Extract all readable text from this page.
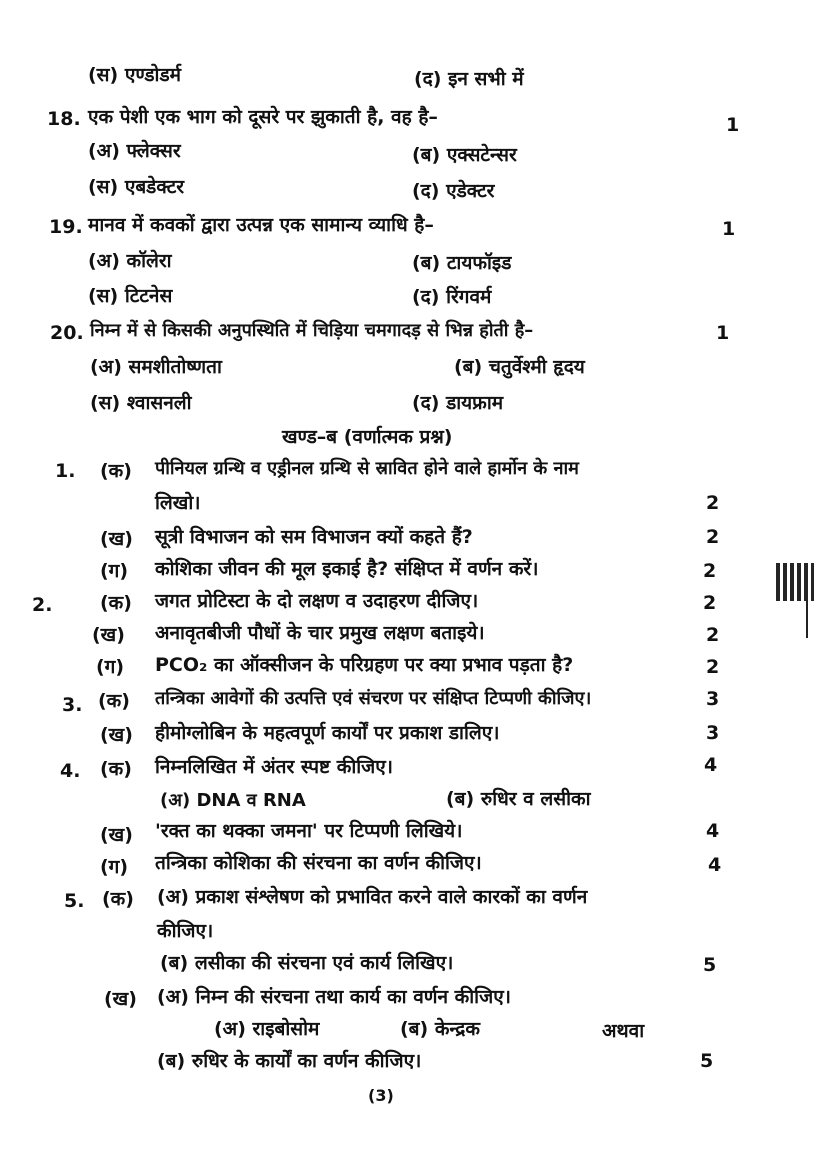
(स) एण्डोडर्म	(द) इन सभी में
18. एक पेशी एक भाग को दूसरे पर झुकाती है, वह है–	1
(अ) फ्लेक्सर	(ब) एक्सटेन्सर
(स) एबडेक्टर	(द) एडेक्टर
19. मानव में कवकों द्वारा उत्पन्न एक सामान्य व्याधि है–	1
(अ) कॉलेरा	(ब) टायफॉइड
(स) टिटनेस	(द) रिंगवर्म
20. निम्न में से किसकी अनुपस्थिति में चिड़िया चमगादड़ से भिन्न होती है–	1
(अ) समशीतोष्णता	(ब) चतुर्वेश्मी हृदय
(स) श्वासनली	(द) डायफ्राम
खण्ड–ब (वर्णात्मक प्रश्न)
1. (क) पीनियल ग्रन्थि व एड्रीनल ग्रन्थि से स्रावित होने वाले हार्मोन के नाम
लिखो।	2
(ख) सूत्री विभाजन को सम विभाजन क्यों कहते हैं?	2
(ग) कोशिका जीवन की मूल इकाई है? संक्षिप्त में वर्णन करें।	2
2.	(क) जगत प्रोटिस्टा के दो लक्षण व उदाहरण दीजिए।	2
(ख) अनावृतबीजी पौधों के चार प्रमुख लक्षण बताइये।	2
(ग) PCO₂ का ऑक्सीजन के परिग्रहण पर क्या प्रभाव पड़ता है?	2
3. (क) तन्त्रिका आवेगों की उत्पत्ति एवं संचरण पर संक्षिप्त टिप्पणी कीजिए।	3
(ख) हीमोग्लोबिन के महत्वपूर्ण कार्यों पर प्रकाश डालिए।	3
4. (क) निम्नलिखित में अंतर स्पष्ट कीजिए।	4
(अ) DNA व RNA	(ब) रुधिर व लसीका
(ख) 'रक्त का थक्का जमना' पर टिप्पणी लिखिये।	4
(ग) तन्त्रिका कोशिका की संरचना का वर्णन कीजिए।	4
5. (क) (अ) प्रकाश संश्लेषण को प्रभावित करने वाले कारकों का वर्णन
कीजिए।
(ब) लसीका की संरचना एवं कार्य लिखिए।	5
(ख) (अ) निम्न की संरचना तथा कार्य का वर्णन कीजिए।
(अ) राइबोसोम	(ब) केन्द्रक	अथवा
(ब) रुधिर के कार्यों का वर्णन कीजिए।	5
(3)
